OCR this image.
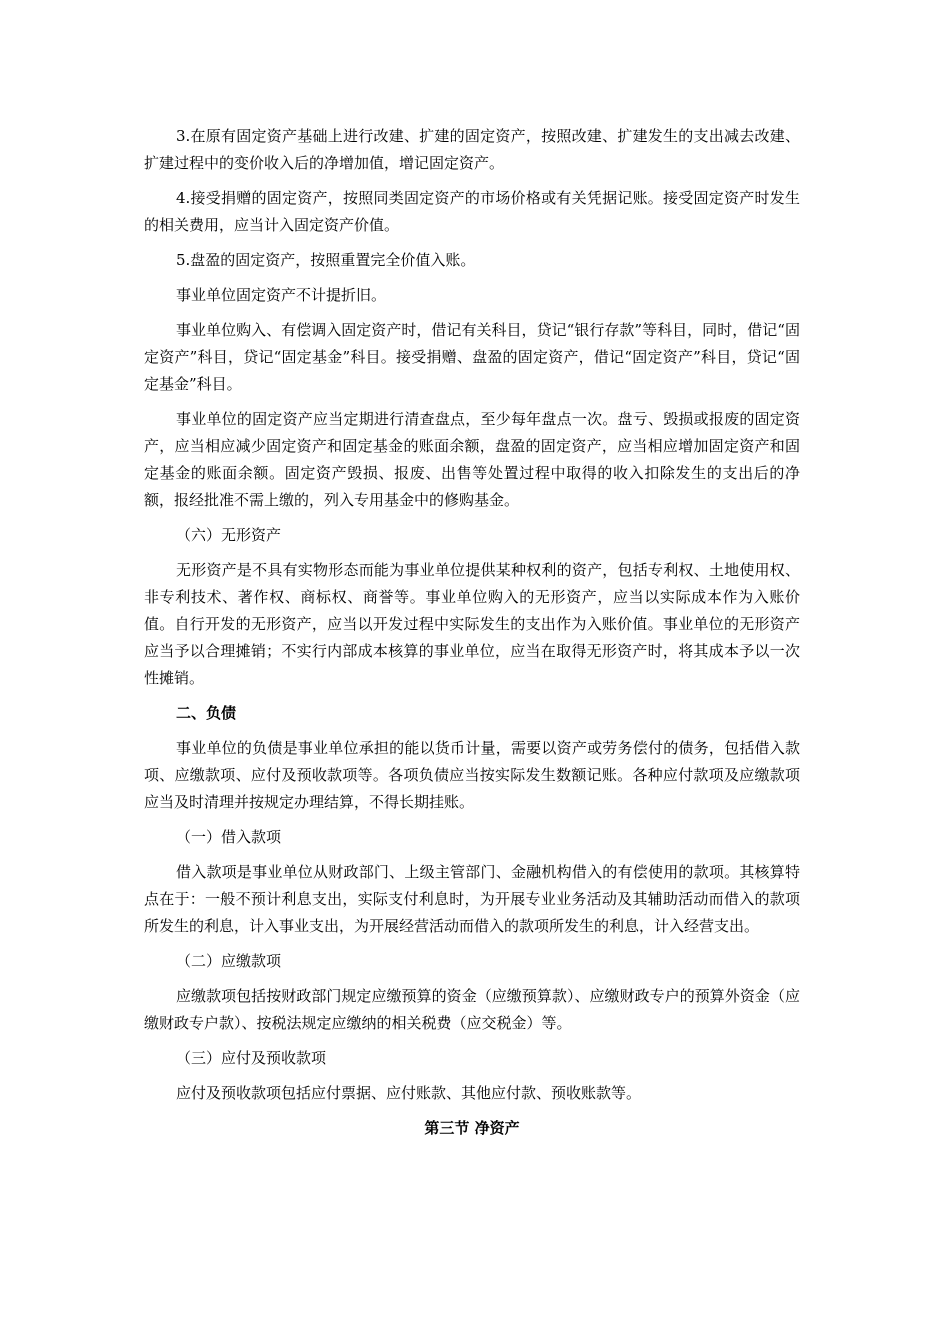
3.在原有固定资产基础上进行改建、扩建的固定资产，按照改建、扩建发生的支出减去改建、扩建过程中的变价收入后的净增加值，增记固定资产。

4.接受捐赠的固定资产，按照同类固定资产的市场价格或有关凭据记账。接受固定资产时发生的相关费用，应当计入固定资产价值。

5.盘盈的固定资产，按照重置完全价值入账。

事业单位固定资产不计提折旧。

事业单位购入、有偿调入固定资产时，借记有关科目，贷记“银行存款”等科目，同时，借记“固定资产”科目，贷记“固定基金”科目。接受捐赠、盘盈的固定资产，借记“固定资产”科目，贷记“固定基金”科目。

事业单位的固定资产应当定期进行清查盘点，至少每年盘点一次。盘亏、毁损或报废的固定资产，应当相应减少固定资产和固定基金的账面余额，盘盈的固定资产，应当相应增加固定资产和固定基金的账面余额。固定资产毁损、报废、出售等处置过程中取得的收入扣除发生的支出后的净额，报经批准不需上缴的，列入专用基金中的修购基金。

（六）无形资产

无形资产是不具有实物形态而能为事业单位提供某种权利的资产，包括专利权、土地使用权、非专利技术、著作权、商标权、商誉等。事业单位购入的无形资产，应当以实际成本作为入账价值。自行开发的无形资产，应当以开发过程中实际发生的支出作为入账价值。事业单位的无形资产应当予以合理摊销；不实行内部成本核算的事业单位，应当在取得无形资产时，将其成本予以一次性摊销。

二、负债

事业单位的负债是事业单位承担的能以货币计量，需要以资产或劳务偿付的债务，包括借入款项、应缴款项、应付及预收款项等。各项负债应当按实际发生数额记账。各种应付款项及应缴款项应当及时清理并按规定办理结算，不得长期挂账。

（一）借入款项

借入款项是事业单位从财政部门、上级主管部门、金融机构借入的有偿使用的款项。其核算特点在于：一般不预计利息支出，实际支付利息时，为开展专业业务活动及其辅助活动而借入的款项所发生的利息，计入事业支出，为开展经营活动而借入的款项所发生的利息，计入经营支出。

（二）应缴款项

应缴款项包括按财政部门规定应缴预算的资金（应缴预算款）、应缴财政专户的预算外资金（应缴财政专户款）、按税法规定应缴纳的相关税费（应交税金）等。

（三）应付及预收款项

应付及预收款项包括应付票据、应付账款、其他应付款、预收账款等。

第三节 净资产
